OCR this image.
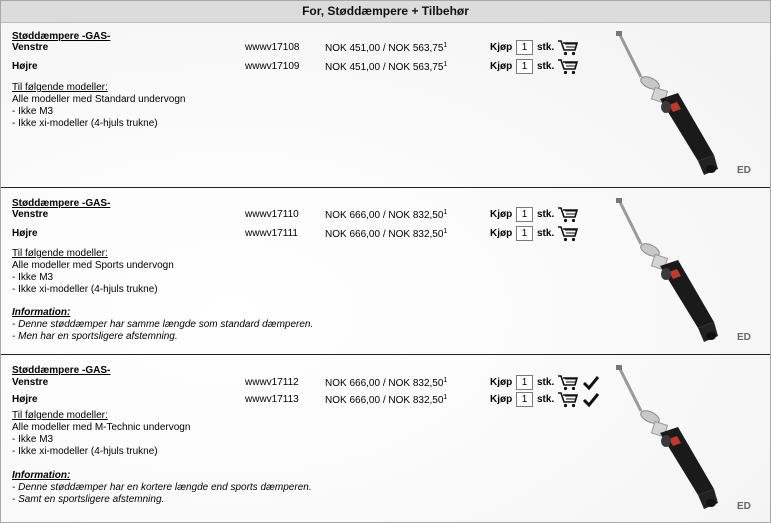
For, Støddæmpere + Tilbehør
Støddæmpere -GAS-
Venstre	wwwv17108	NOK 451,00 / NOK 563,75$^1$	Kjøp
1 stk.
Højre	wwwv17109	NOK 451,00 / NOK 563,75$^1$	Kjøp
1 stk.
Til følgende modeller:
Alle modeller med Standard undervogn
- Ikke M3
- Ikke xi-modeller (4-hjuls trukne)
ED
Støddæmpere -GAS-
Venstre	wwwv17110	NOK 666,00 / NOK 832,50$^1$	Kjøp
1 stk.
Højre	wwwv17111	NOK 666,00 / NOK 832,50$^1$	Kjøp
1 stk.
Til følgende modeller:
Alle modeller med Sports undervogn
- Ikke M3
- Ikke xi-modeller (4-hjuls trukne)
Information:
- Denne støddæmper har samme længde som standard dæmperen.
- Men har en sportsligere afstemning.	ED
Støddæmpere -GAS-
Venstre	wwwv17112	NOK 666,00 / NOK 832,50$^1$	Kjøp
1 stk.
Højre	wwwv17113	NOK 666,00 / NOK 832,50$^1$	Kjøp
1 stk.
Til følgende modeller:
Alle modeller med M-Technic undervogn
- Ikke M3
- Ikke xi-modeller (4-hjuls trukne)
Information:
- Denne støddæmper har en kortere længde end sports dæmperen.
- Samt en sportsligere afstemning.
ED
